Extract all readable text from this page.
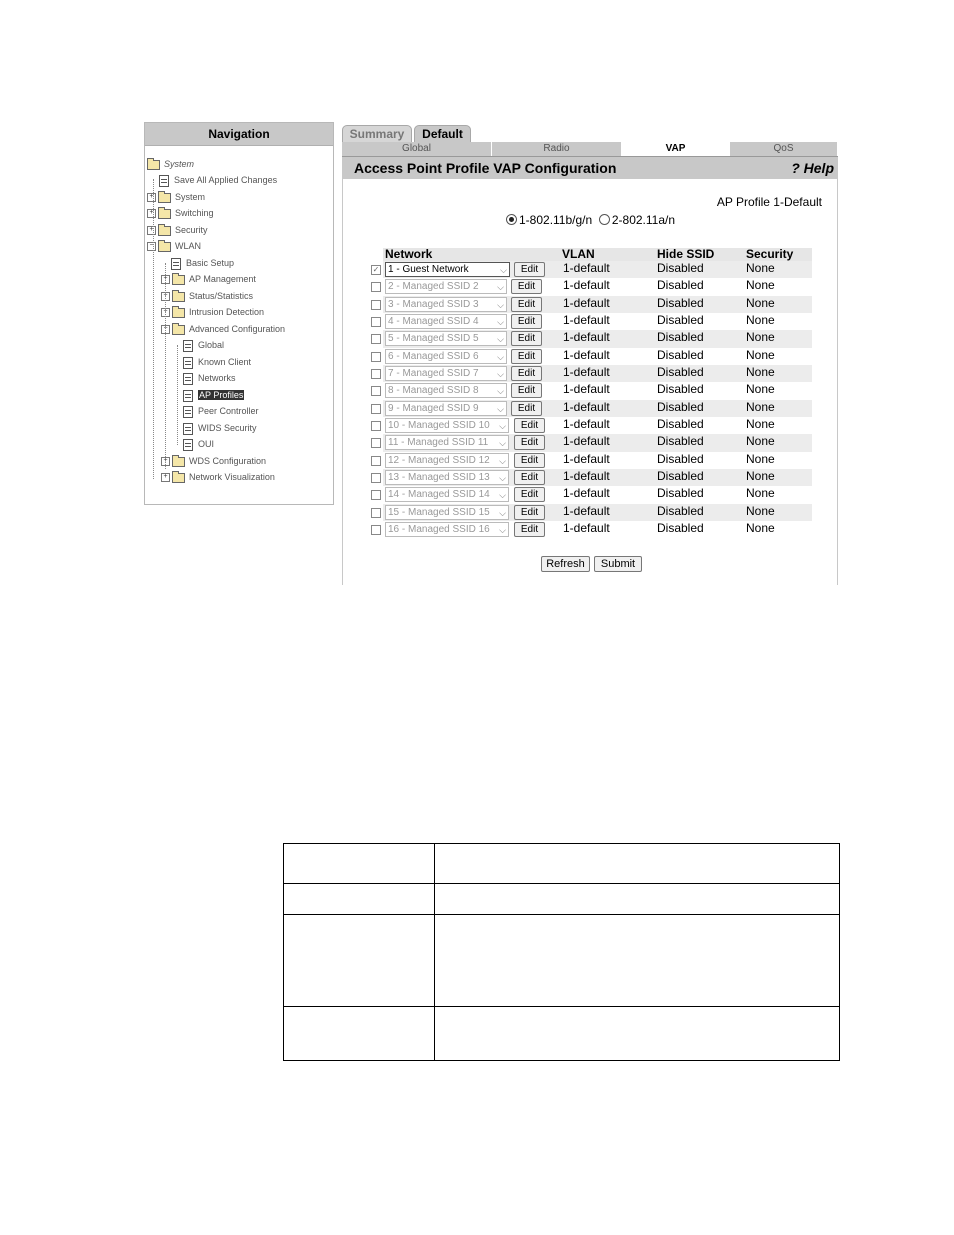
Navigation
System
Save All Applied Changes
+ System
+ Switching
+ Security
− WLAN
Basic Setup
+ AP Management
+ Status/Statistics
+ Intrusion Detection
− Advanced Configuration
Global
Known Client
Networks
AP Profiles
Peer Controller
WIDS Security
OUI
+ WDS Configuration
+ Network Visualization
Summary	Default
Global	Radio	VAP	QoS
Access Point Profile VAP Configuration	? Help
AP Profile 1-Default
1-802.11b/g/n 2-802.11a/n
Network	VLAN	Hide SSID	Security
✓ 1 - Guest Network	⌵	Edit	1-default	Disabled	None
2 - Managed SSID 2 ⌵	Edit	1-default	Disabled	None
3 - Managed SSID 3 ⌵	Edit	1-default	Disabled	None
4 - Managed SSID 4 ⌵	Edit	1-default	Disabled	None
5 - Managed SSID 5 ⌵	Edit	1-default	Disabled	None
6 - Managed SSID 6 ⌵	Edit	1-default	Disabled	None
7 - Managed SSID 7 ⌵	Edit	1-default	Disabled	None
8 - Managed SSID 8 ⌵	Edit	1-default	Disabled	None
9 - Managed SSID 9 ⌵	Edit	1-default	Disabled	None
10 - Managed SSID 10 ⌵	Edit	1-default	Disabled	None
11 - Managed SSID 11 ⌵	Edit	1-default	Disabled	None
12 - Managed SSID 12 ⌵	Edit	1-default	Disabled	None
13 - Managed SSID 13 ⌵	Edit	1-default	Disabled	None
14 - Managed SSID 14 ⌵	Edit	1-default	Disabled	None
15 - Managed SSID 15 ⌵	Edit	1-default	Disabled	None
16 - Managed SSID 16 ⌵	Edit	1-default	Disabled	None
Refresh	Submit
